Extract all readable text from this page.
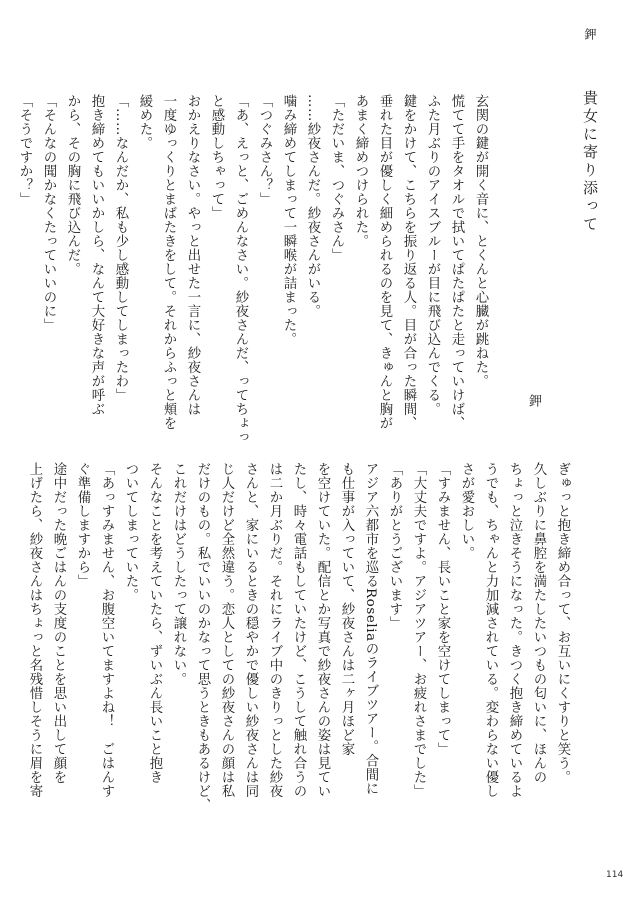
鉀
貴女に寄り添って
鉀

玄関の鍵が開く音に、とくんと心臓が跳ねた。

慌てて手をタオルで拭いてぱたぱたと走っていけば、

ふた月ぶりのアイスブルーが目に飛び込んでくる。

鍵をかけて、こちらを振り返る人。目が合った瞬間、

垂れた目が優しく細められるのを見て、きゅんと胸が

あまく締めつけられた。

「ただいま、つぐみさん」

……紗夜さんだ。紗夜さんがいる。

噛み締めてしまって一瞬喉が詰まった。

「つぐみさん？」

「あ、えっと、ごめんなさい。紗夜さんだ、ってちょっ

と感動しちゃって」

おかえりなさい。やっと出せた一言に、紗夜さんは

一度ゆっくりとまばたきをして。それからふっと頬を

緩めた。

「……なんだか、私も少し感動してしまったわ」

抱き締めてもいいかしら、なんて大好きな声が呼ぶ

から、その胸に飛び込んだ。

「そんなの聞かなくたっていいのに」

「そうですか？」

ぎゅっと抱き締め合って、お互いにくすりと笑う。

久しぶりに鼻腔を満たしたいつもの匂いに、ほんの

ちょっと泣きそうになった。きつく抱き締めているよ

うでも、ちゃんと力加減されている。変わらない優し

さが愛おしい。

「すみません、長いこと家を空けてしまって」

「大丈夫ですよ。アジアツアー、お疲れさまでした」

「ありがとうございます」

アジア六都市を巡るRoseliaのライブツアー。合間に

も仕事が入っていて、紗夜さんは二ヶ月ほど家

を空けていた。配信とか写真で紗夜さんの姿は見てい

たし、時々電話もしていたけど、こうして触れ合うの

は二か月ぶりだ。それにライブ中のきりっとした紗夜

さんと、家にいるときの穏やかで優しい紗夜さんは同

じ人だけど全然違う。恋人としての紗夜さんの顔は私

だけのもの。私でいいのかなって思うときもあるけど、

これだけはどうしたって譲れない。

そんなことを考えていたら、ずいぶん長いこと抱き

ついてしまっていた。

「あっすみません、お腹空いてますよね！　ごはんす

ぐ準備しますから」

途中だった晩ごはんの支度のことを思い出して顔を

上げたら、紗夜さんはちょっと名残惜しそうに眉を寄

114
